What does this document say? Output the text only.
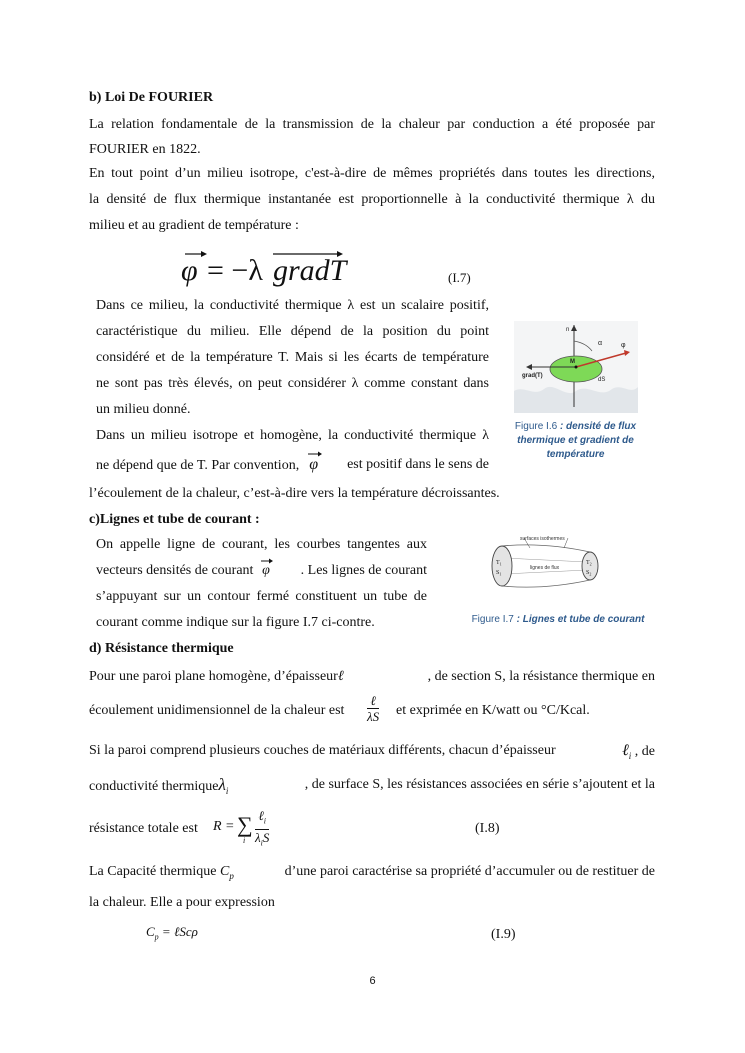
b) Loi De FOURIER
La relation fondamentale de la transmission de la chaleur par conduction a été proposée par
FOURIER en 1822.
En tout point d’un milieu isotrope, c'est-à-dire de mêmes propriétés dans toutes les directions,
la densité de flux thermique instantanée est proportionnelle à la conductivité thermique λ du
milieu et au gradient de température :
φ = −λ gradT	(I.7)
Dans ce milieu, la conductivité thermique λ est un scalaire positif,
caractéristique du milieu. Elle dépend de la position du point
considéré et de la température T. Mais si les écarts de température
ne sont pas très élevés, on peut considérer λ comme constant dans
un milieu donné.
Dans un milieu isotrope et homogène, la conductivité thermique λ
ne dépend que de T. Par convention, φ est positif dans le sens de
l’écoulement de la chaleur, c’est-à-dire vers la température décroissantes.
n
α	φ
grad(T)
M
dS
Figure I.6 : densité de flux thermique et gradient de température
c)Lignes et tube de courant :
On appelle ligne de courant, les courbes tangentes aux
vecteurs densités de courant φ . Les lignes de courant
s’appuyant sur un contour fermé constituent un tube de
courant comme indique sur la figure I.7 ci-contre.
surfaces isothermes
lignes de flux
$T_1$
$S_1$
$T_2$
$S_2$
Figure I.7 : Lignes et tube de courant
d) Résistance thermique
Pour une paroi plane homogène, d’épaisseurℓ	, de section S, la résistance thermique en
écoulement unidimensionnel de la chaleur est $\frac{\text{ℓ}}{\lambda S}$ et exprimée en K/watt ou °C/Kcal.
Si la paroi comprend plusieurs couches de matériaux différents, chacun d’épaisseur	ℓ$_i$ , de
conductivité thermiqueλ$_i$	, de surface S, les résistances associées en série s’ajoutent et la
résistance totale est R = ∑
i $\frac{\ell_i}{\lambda_iS}$	(I.8)
La Capacité thermique $C_p$	d’une paroi caractérise sa propriété d’accumuler ou de restituer de
la chaleur. Elle a pour expression
$C_p$ = ℓScρ	(I.9)
6
